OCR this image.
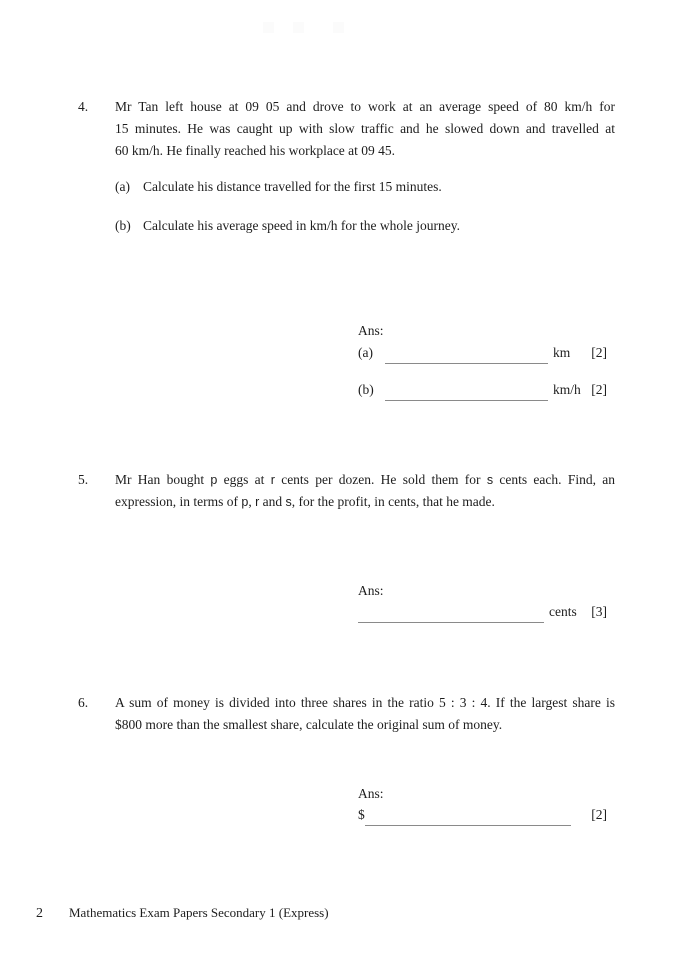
4. Mr Tan left house at 09 05 and drove to work at an average speed of 80 km/h for
15 minutes. He was caught up with slow traffic and he slowed down and travelled at
60 km/h. He finally reached his workplace at 09 45.
(a) Calculate his distance travelled for the first 15 minutes.
(b) Calculate his average speed in km/h for the whole journey.
Ans:
(a)	km [2]
(b)	km/h [2]
5. Mr Han bought p eggs at r cents per dozen. He sold them for s cents each. Find, an
expression, in terms of p, r and s, for the profit, in cents, that he made.
Ans:
cents [3]
6. A sum of money is divided into three shares in the ratio 5 : 3 : 4. If the largest share is
$800 more than the smallest share, calculate the original sum of money.
Ans:
$	[2]
2 Mathematics Exam Papers Secondary 1 (Express)
